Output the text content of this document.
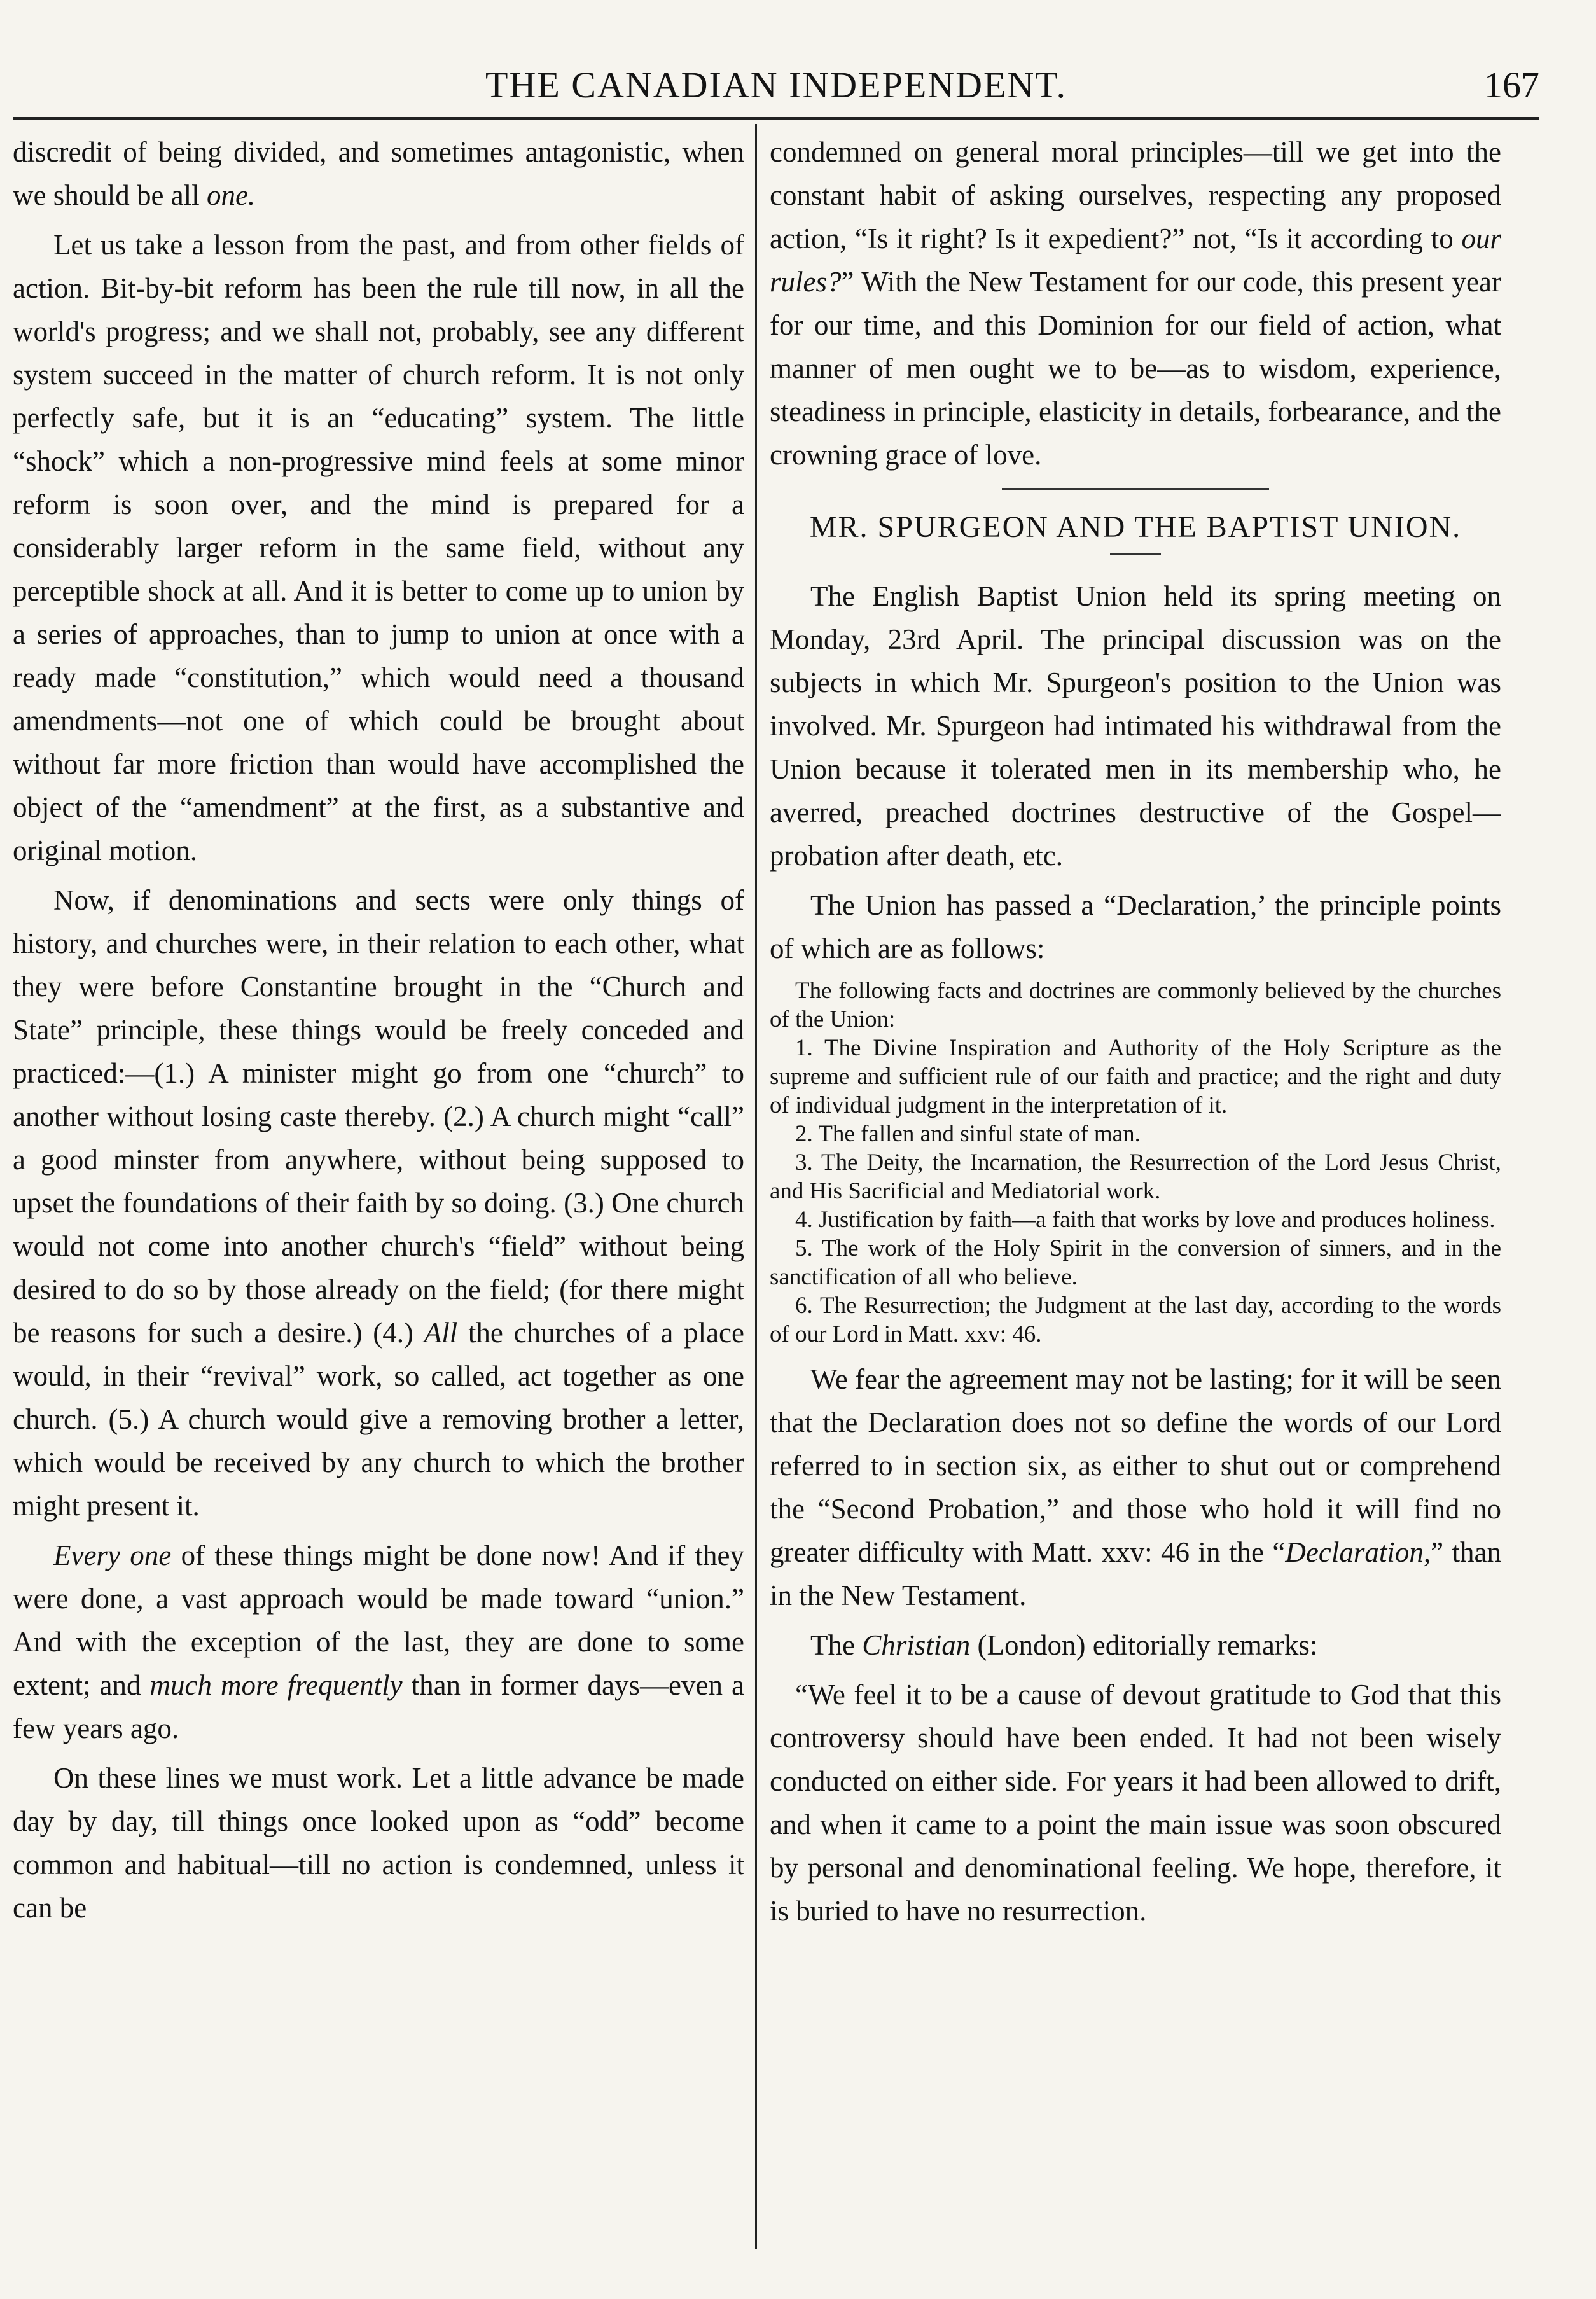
THE CANADIAN INDEPENDENT.	167

discredit of being divided, and sometimes antagonistic, when we should be all one.

Let us take a lesson from the past, and from other fields of action. Bit-by-bit reform has been the rule till now, in all the world's progress; and we shall not, probably, see any different system succeed in the matter of church reform. It is not only perfectly safe, but it is an “educating” system. The little “shock” which a non-progressive mind feels at some minor reform is soon over, and the mind is prepared for a considerably larger reform in the same field, without any perceptible shock at all. And it is better to come up to union by a series of approaches, than to jump to union at once with a ready made “constitution,” which would need a thousand amendments—not one of which could be brought about without far more friction than would have accomplished the object of the “amendment” at the first, as a substantive and original motion.

Now, if denominations and sects were only things of history, and churches were, in their relation to each other, what they were before Constantine brought in the “Church and State” principle, these things would be freely conceded and practiced:—(1.) A minister might go from one “church” to another without losing caste thereby. (2.) A church might “call” a good minster from anywhere, without being supposed to upset the foundations of their faith by so doing. (3.) One church would not come into another church's “field” without being desired to do so by those already on the field; (for there might be reasons for such a desire.) (4.) All the churches of a place would, in their “revival” work, so called, act together as one church. (5.) A church would give a removing brother a letter, which would be received by any church to which the brother might present it.

Every one of these things might be done now! And if they were done, a vast approach would be made toward “union.” And with the exception of the last, they are done to some extent; and much more frequently than in former days—even a few years ago.

On these lines we must work. Let a little advance be made day by day, till things once looked upon as “odd” become common and habitual—till no action is condemned, unless it can be

condemned on general moral principles—till we get into the constant habit of asking ourselves, respecting any proposed action, “Is it right? Is it expedient?” not, “Is it according to our rules?” With the New Testament for our code, this present year for our time, and this Dominion for our field of action, what manner of men ought we to be—as to wisdom, experience, steadiness in principle, elasticity in details, forbearance, and the crowning grace of love.

MR. SPURGEON AND THE BAPTIST UNION.

The English Baptist Union held its spring meeting on Monday, 23rd April. The principal discussion was on the subjects in which Mr. Spurgeon's position to the Union was involved. Mr. Spurgeon had intimated his withdrawal from the Union because it tolerated men in its membership who, he averred, preached doctrines destructive of the Gospel—probation after death, etc.

The Union has passed a “Declaration,’ the principle points of which are as follows:

The following facts and doctrines are commonly believed by the churches of the Union:

1. The Divine Inspiration and Authority of the Holy Scripture as the supreme and sufficient rule of our faith and practice; and the right and duty of individual judgment in the interpretation of it.

2. The fallen and sinful state of man.

3. The Deity, the Incarnation, the Resurrection of the Lord Jesus Christ, and His Sacrificial and Mediatorial work.

4. Justification by faith—a faith that works by love and produces holiness.

5. The work of the Holy Spirit in the conversion of sinners, and in the sanctification of all who believe.

6. The Resurrection; the Judgment at the last day, according to the words of our Lord in Matt. xxv: 46.

We fear the agreement may not be lasting; for it will be seen that the Declaration does not so define the words of our Lord referred to in section six, as either to shut out or comprehend the “Second Probation,” and those who hold it will find no greater difficulty with Matt. xxv: 46 in the “Declaration,” than in the New Testament.

The Christian (London) editorially remarks:

“We feel it to be a cause of devout gratitude to God that this controversy should have been ended. It had not been wisely conducted on either side. For years it had been allowed to drift, and when it came to a point the main issue was soon obscured by personal and denominational feeling. We hope, therefore, it is buried to have no resurrection.
